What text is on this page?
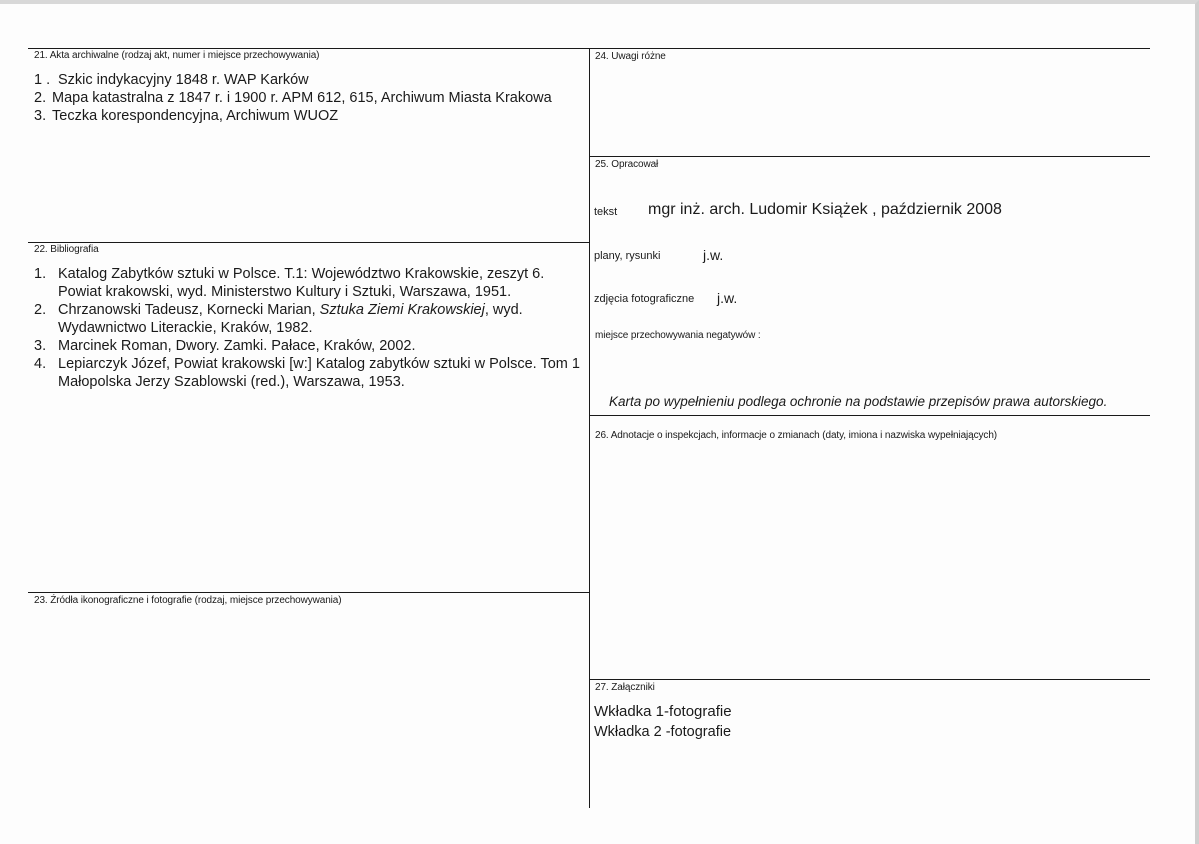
21. Akta archiwalne (rodzaj akt, numer i miejsce przechowywania)
1 . Szkic indykacyjny 1848 r. WAP Karków
2. Mapa katastralna z 1847 r. i 1900 r. APM 612, 615, Archiwum Miasta Krakowa
3. Teczka korespondencyjna, Archiwum WUOZ
22. Bibliografia
1. Katalog Zabytków sztuki w Polsce. T.1: Województwo Krakowskie, zeszyt 6. Powiat krakowski, wyd. Ministerstwo Kultury i Sztuki, Warszawa, 1951.
2. Chrzanowski Tadeusz, Kornecki Marian, Sztuka Ziemi Krakowskiej, wyd. Wydawnictwo Literackie, Kraków, 1982.
3. Marcinek Roman, Dwory. Zamki. Pałace, Kraków, 2002.
4. Lepiarczyk Józef, Powiat krakowski [w:] Katalog zabytków sztuki w Polsce. Tom 1 Małopolska Jerzy Szablowski (red.), Warszawa, 1953.
23. Źródła ikonograficzne i fotografie (rodzaj, miejsce przechowywania)
24. Uwagi różne
25. Opracował
tekst mgr inż. arch. Ludomir Książek , październik 2008
plany, rysunki	j.w.
zdjęcia fotograficzne j.w.
miejsce przechowywania negatywów :
Karta po wypełnieniu podlega ochronie na podstawie przepisów prawa autorskiego.
26. Adnotacje o inspekcjach, informacje o zmianach (daty, imiona i nazwiska wypełniających)
27. Załączniki
Wkładka 1-fotografie
Wkładka 2 -fotografie
